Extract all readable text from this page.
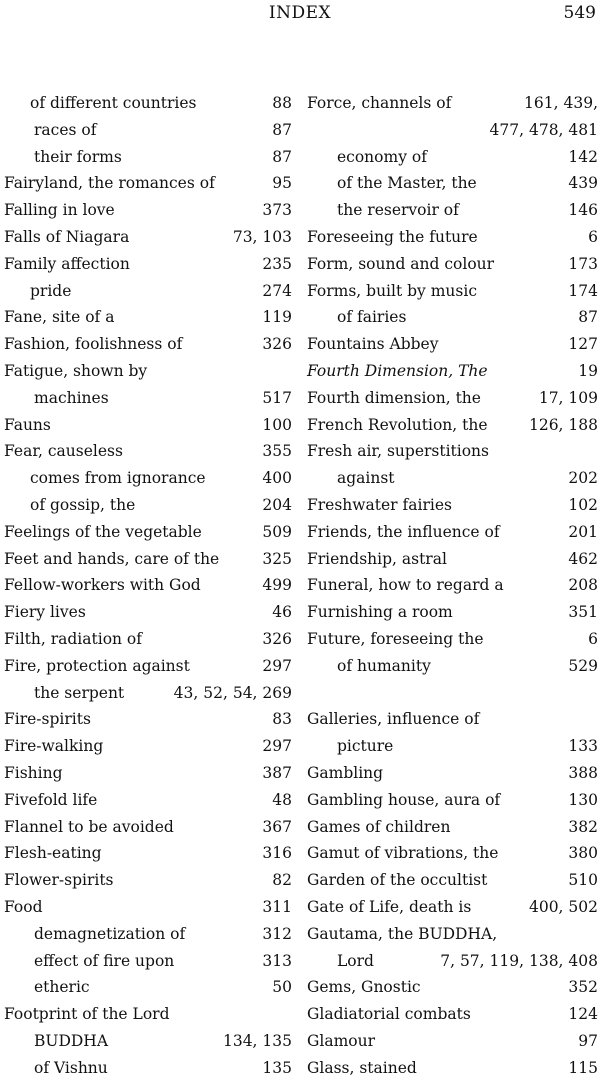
INDEX	549
of different countries	88
races of	87
their forms	87
Fairyland, the romances of	95
Falling in love	373
Falls of Niagara	73, 103
Family affection	235
pride	274
Fane, site of a	119
Fashion, foolishness of	326
Fatigue, shown by
machines	517
Fauns	100
Fear, causeless	355
comes from ignorance	400
of gossip, the	204
Feelings of the vegetable	509
Feet and hands, care of the	325
Fellow-workers with God	499
Fiery lives	46
Filth, radiation of	326
Fire, protection against	297
the serpent	43, 52, 54, 269
Fire-spirits	83
Fire-walking	297
Fishing	387
Fivefold life	48
Flannel to be avoided	367
Flesh-eating	316
Flower-spirits	82
Food	311
demagnetization of	312
effect of fire upon	313
etheric	50
Footprint of the Lord
BUDDHA	134, 135
of Vishnu	135
Force, channels of	161, 439,
477, 478, 481
economy of	142
of the Master, the	439
the reservoir of	146
Foreseeing the future	6
Form, sound and colour	173
Forms, built by music	174
of fairies	87
Fountains Abbey	127
Fourth Dimension, The	19
Fourth dimension, the	17, 109
French Revolution, the	126, 188
Fresh air, superstitions
against	202
Freshwater fairies	102
Friends, the influence of	201
Friendship, astral	462
Funeral, how to regard a	208
Furnishing a room	351
Future, foreseeing the	6
of humanity	529
Galleries, influence of
picture	133
Gambling	388
Gambling house, aura of	130
Games of children	382
Gamut of vibrations, the	380
Garden of the occultist	510
Gate of Life, death is	400, 502
Gautama, the BUDDHA,
Lord	7, 57, 119, 138, 408
Gems, Gnostic	352
Gladiatorial combats	124
Glamour	97
Glass, stained	115
